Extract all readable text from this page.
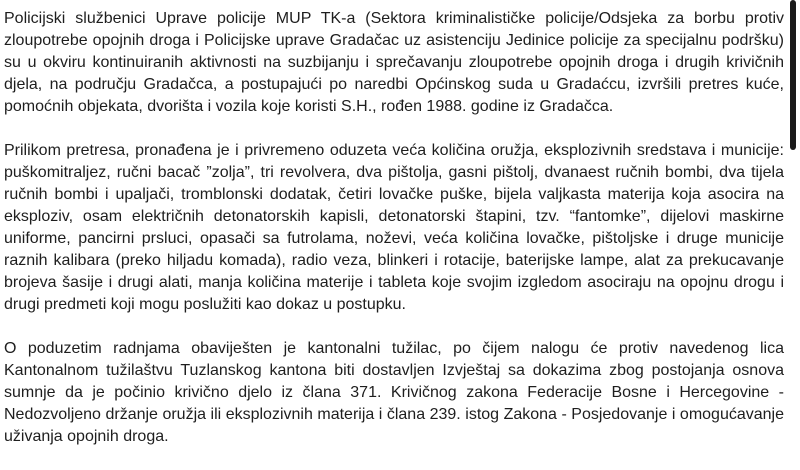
Policijski službenici Uprave policije MUP TK-a (Sektora kriminalističke policije/Odsjeka za borbu protiv zloupotrebe opojnih droga i Policijske uprave Gradačac uz asistenciju Jedinice policije za specijalnu podršku) su u okviru kontinuiranih aktivnosti na suzbijanju i sprečavanju zloupotrebe opojnih droga i drugih krivičnih djela, na području Gradačca, a postupajući po naredbi Općinskog suda u Gradaćcu, izvršili pretres kuće, pomoćnih objekata, dvorišta i vozila koje koristi S.H., rođen 1988. godine iz Gradačca.

Prilikom pretresa, pronađena je i privremeno oduzeta veća količina oružja, eksplozivnih sredstava i municije: puškomitraljez, ručni bacač ”zolja”, tri revolvera, dva pištolja, gasni pištolj, dvanaest ručnih bombi, dva tijela ručnih bombi i upaljači, tromblonski dodatak, četiri lovačke puške, bijela valjkasta materija koja asocira na eksploziv, osam električnih detonatorskih kapisli, detonatorski štapini, tzv. “fantomke”, dijelovi maskirne uniforme, pancirni prsluci, opasači sa futrolama, noževi, veća količina lovačke, pištoljske i druge municije raznih kalibara (preko hiljadu komada), radio veza, blinkeri i rotacije, baterijske lampe, alat za prekucavanje brojeva šasije i drugi alati, manja količina materije i tableta koje svojim izgledom asociraju na opojnu drogu i drugi predmeti koji mogu poslužiti kao dokaz u postupku.

O poduzetim radnjama obaviješten je kantonalni tužilac, po čijem nalogu će protiv navedenog lica Kantonalnom tužilaštvu Tuzlanskog kantona biti dostavljen Izvještaj sa dokazima zbog postojanja osnova sumnje da je počinio krivično djelo iz člana 371. Krivičnog zakona Federacije Bosne i Hercegovine - Nedozvoljeno držanje oružja ili eksplozivnih materija i člana 239. istog Zakona - Posjedovanje i omogućavanje uživanja opojnih droga.
